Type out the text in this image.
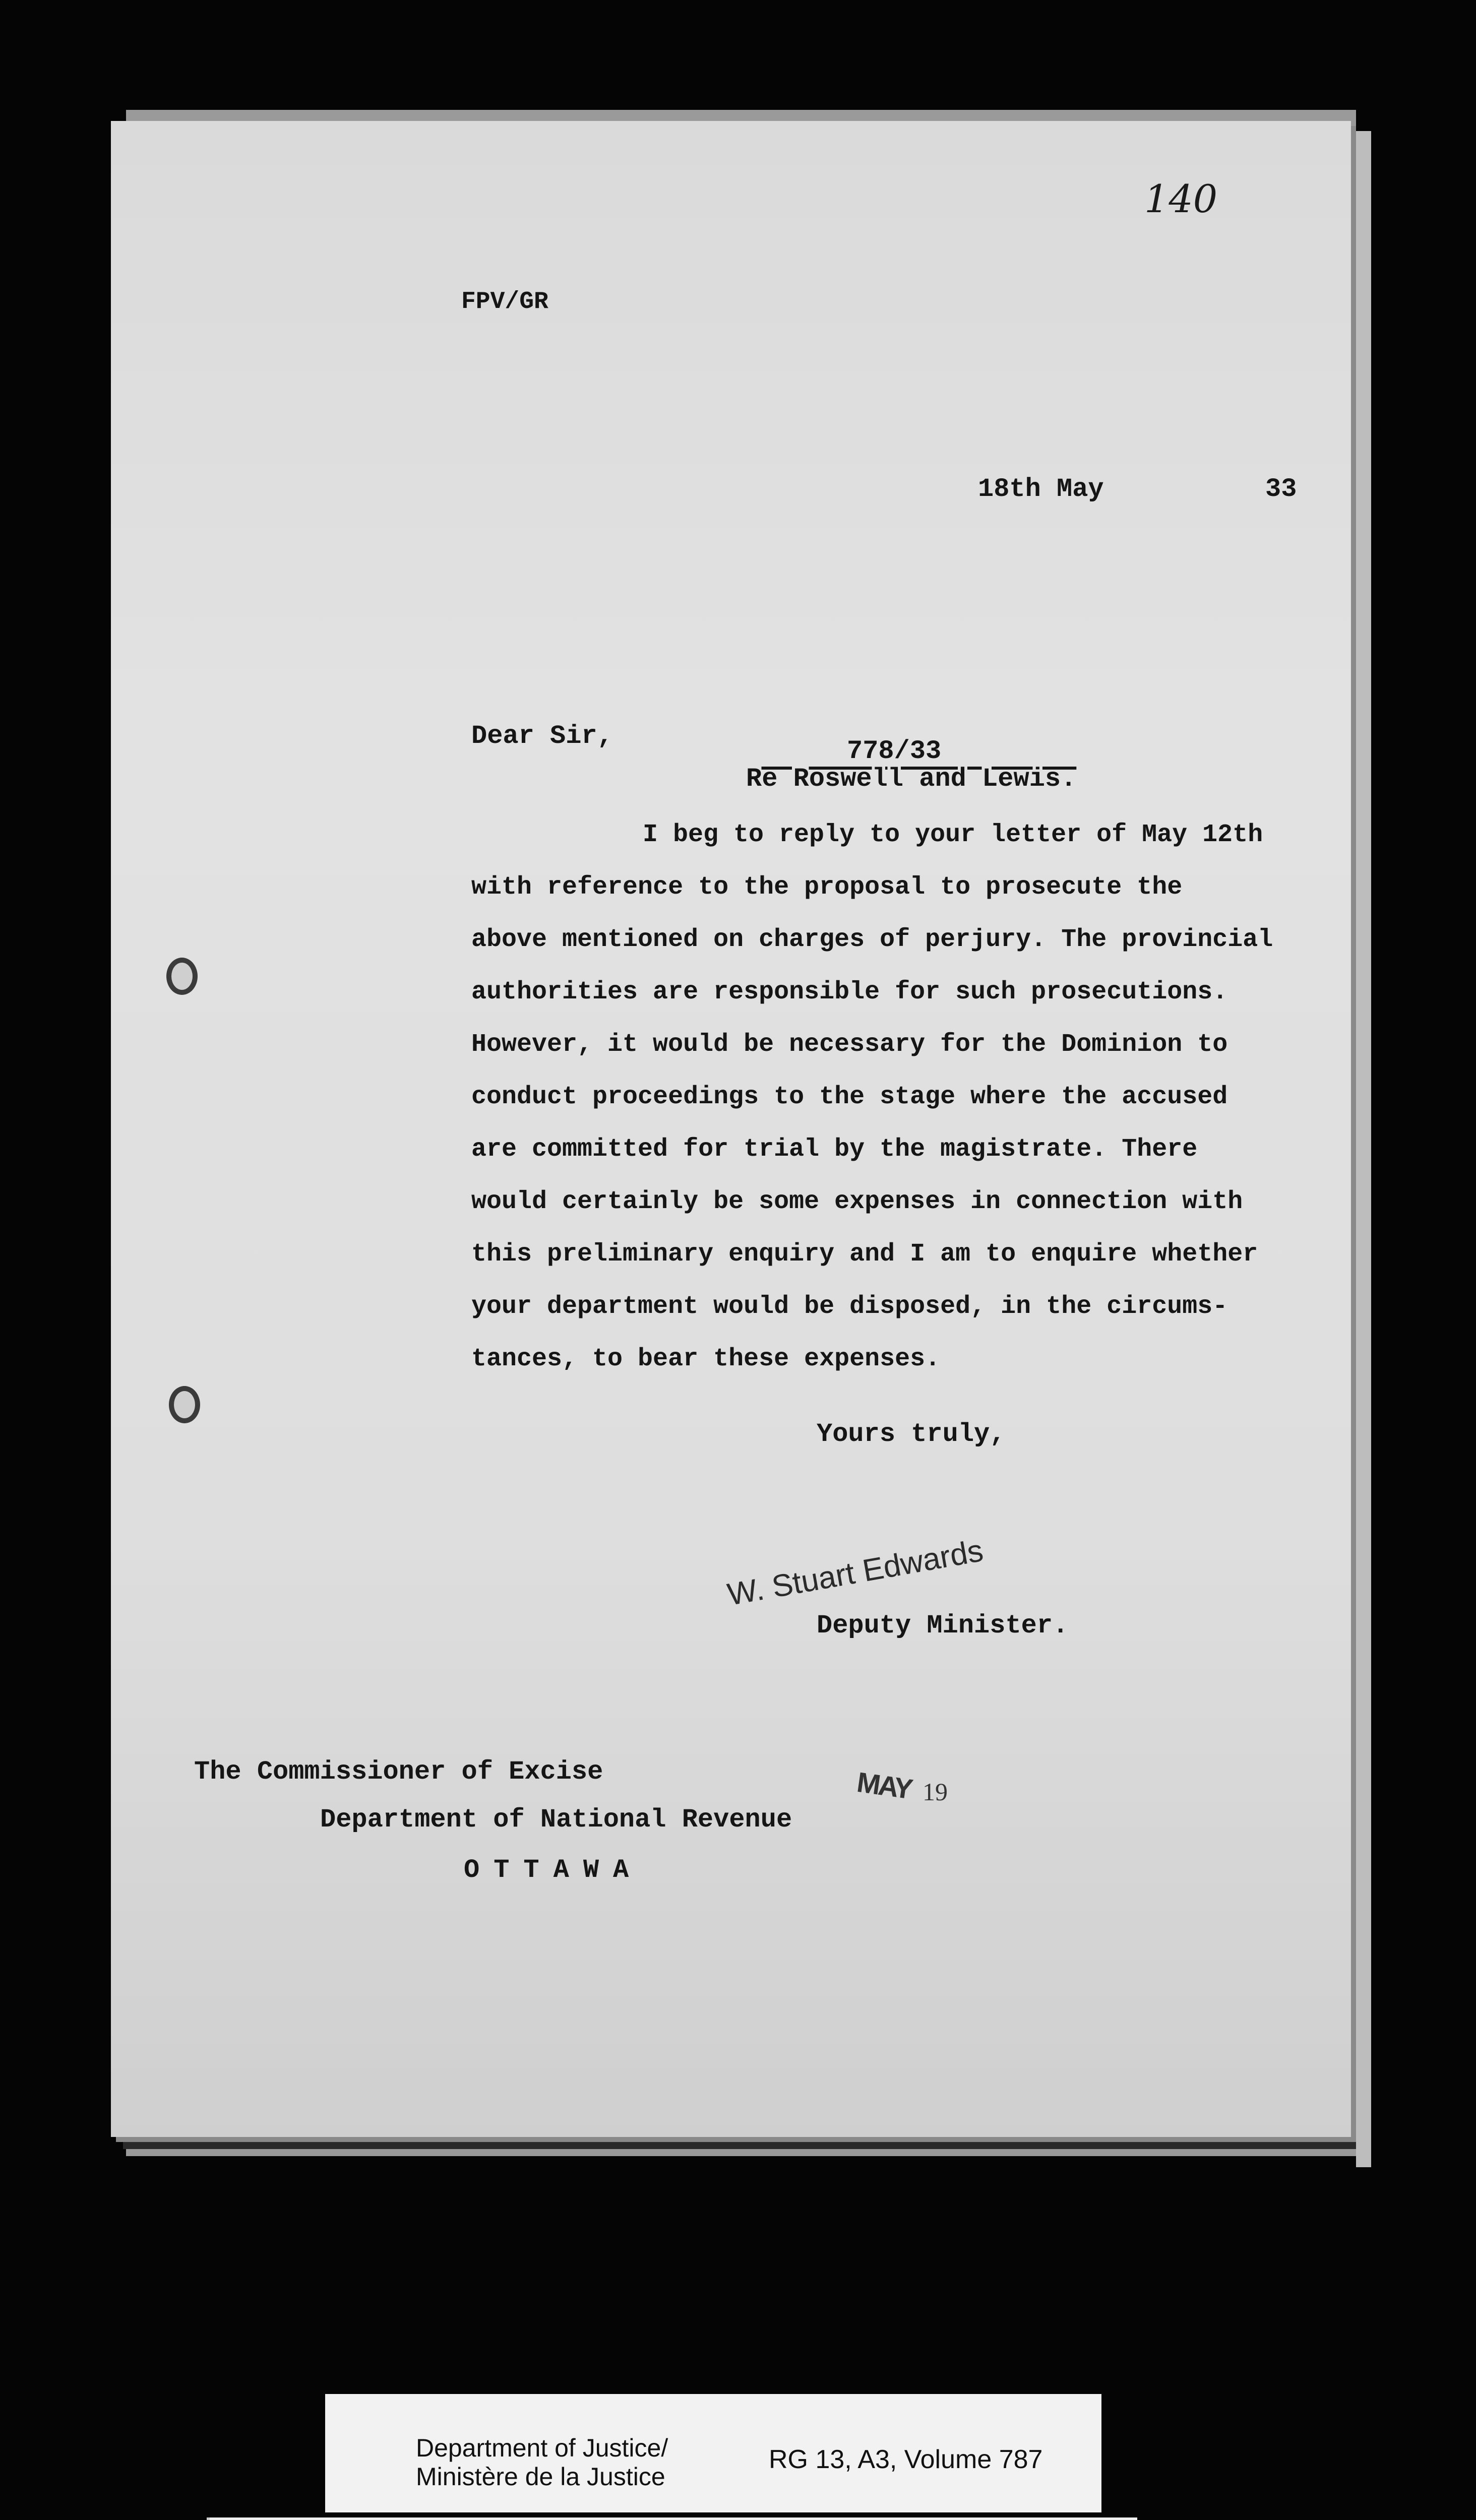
140
FPV/GR
18th May	33
Dear Sir,
778/33
Re Roswell and Lewis.
I beg to reply to your letter of May 12th
with reference to the proposal to prosecute the
above mentioned on charges of perjury. The provincial
authorities are responsible for such prosecutions.
However, it would be necessary for the Dominion to
conduct proceedings to the stage where the accused
are committed for trial by the magistrate. There
would certainly be some expenses in connection with
this preliminary enquiry and I am to enquire whether
your department would be disposed, in the circums-
tances, to bear these expenses.
Yours truly,
W. Stuart Edwards
Deputy Minister.
The Commissioner of Excise
Department of National Revenue
OTTAWA
MAY 19
Department of Justice/
Ministère de la Justice
RG 13, A3, Volume 787
